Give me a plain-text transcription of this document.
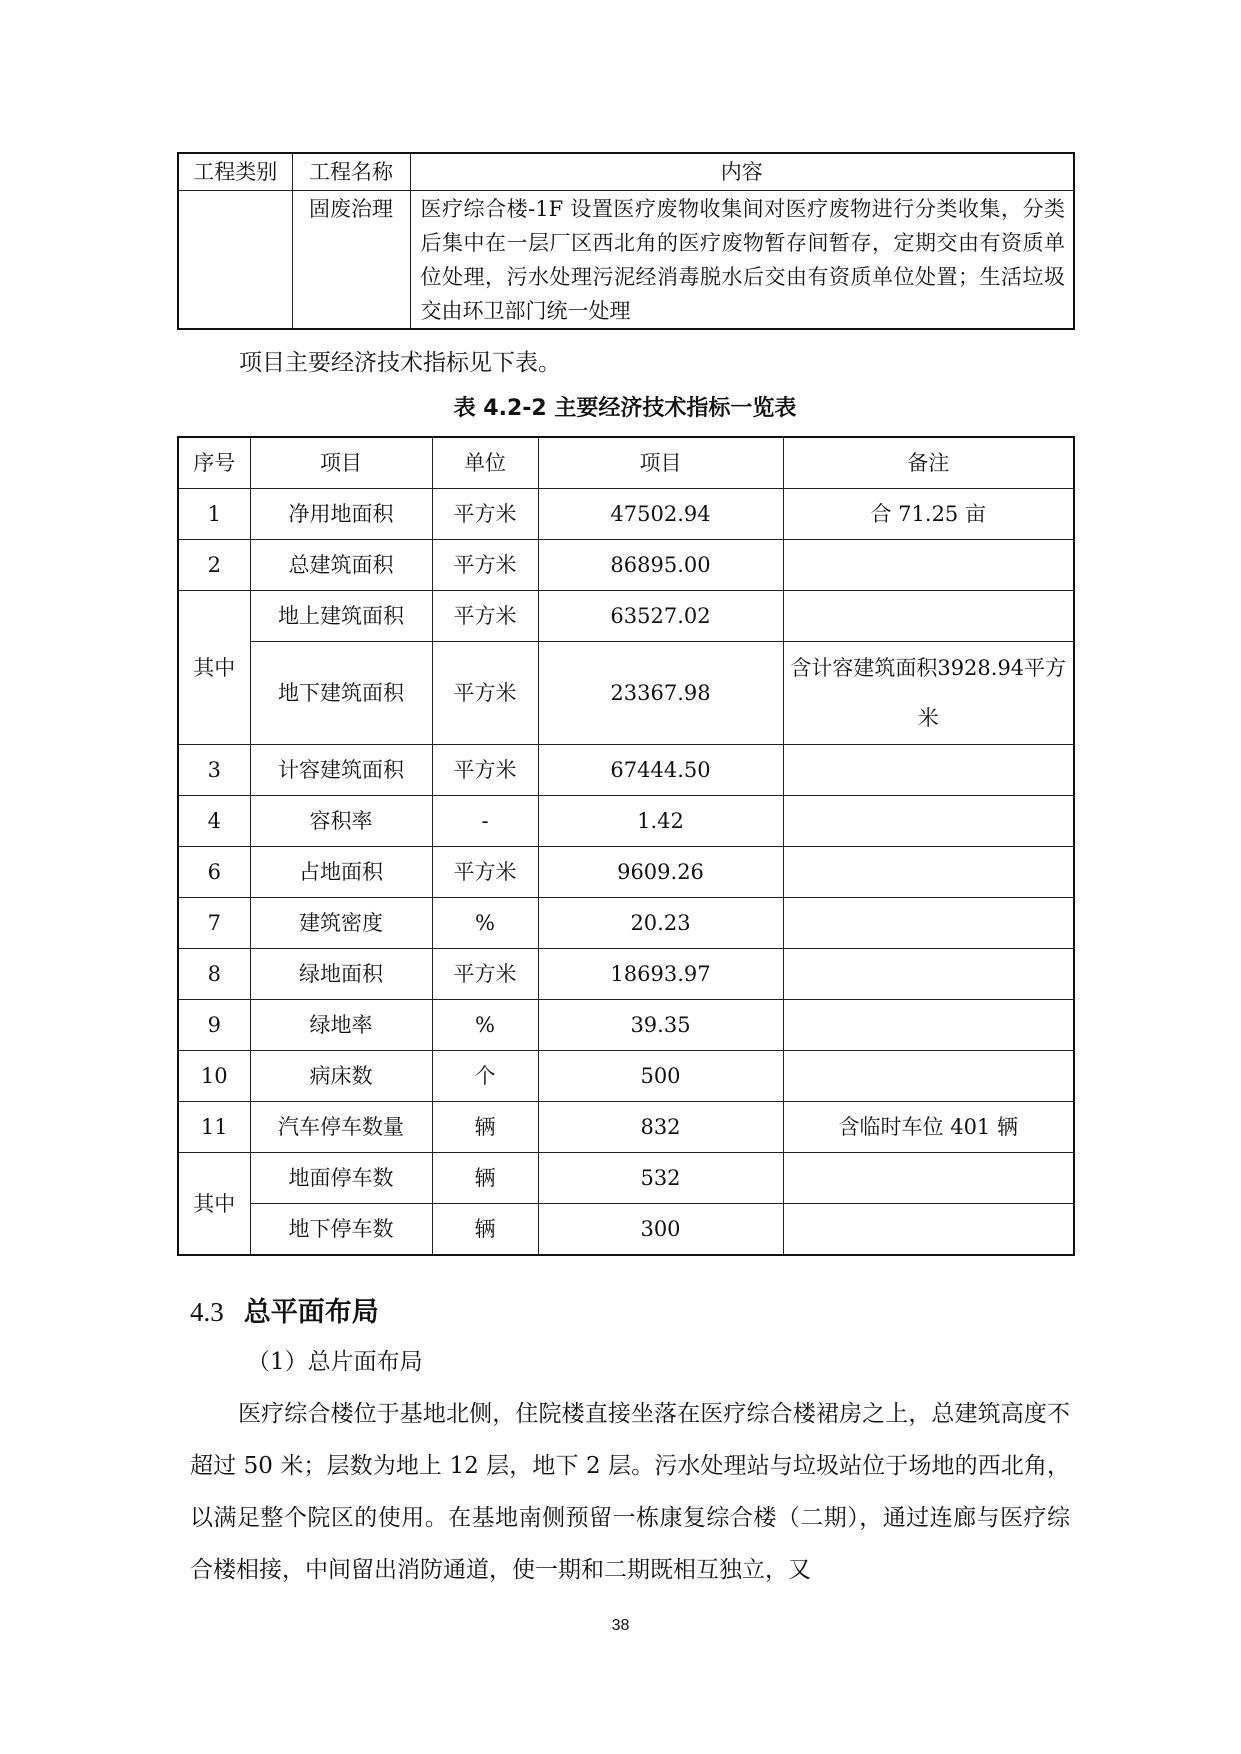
工程类别	工程名称	内容
	固废治理	医疗综合楼-1F 设置医疗废物收集间对医疗废物进行分类收集，分类后集中在一层厂区西北角的医疗废物暂存间暂存，定期交由有资质单位处理，污水处理污泥经消毒脱水后交由有资质单位处置；生活垃圾交由环卫部门统一处理

项目主要经济技术指标见下表。

表 4.2-2 主要经济技术指标一览表
序号	项目	单位	项目	备注
1	净用地面积	平方米	47502.94	合 71.25 亩
2	总建筑面积	平方米	86895.00	
其中	地上建筑面积	平方米	63527.02	
	地下建筑面积	平方米	23367.98	含计容建筑面积3928.94平方米
3	计容建筑面积	平方米	67444.50	
4	容积率	-	1.42	
6	占地面积	平方米	9609.26	
7	建筑密度	%	20.23	
8	绿地面积	平方米	18693.97	
9	绿地率	%	39.35	
10	病床数	个	500	
11	汽车停车数量	辆	832	含临时车位 401 辆
其中	地面停车数	辆	532	
	地下停车数	辆	300	
4.3 总平面布局

（1）总片面布局

医疗综合楼位于基地北侧，住院楼直接坐落在医疗综合楼裙房之上，总建筑高度不超过 50 米；层数为地上 12 层，地下 2 层。污水处理站与垃圾站位于场地的西北角，以满足整个院区的使用。在基地南侧预留一栋康复综合楼（二期），通过连廊与医疗综合楼相接，中间留出消防通道，使一期和二期既相互独立，又

38
